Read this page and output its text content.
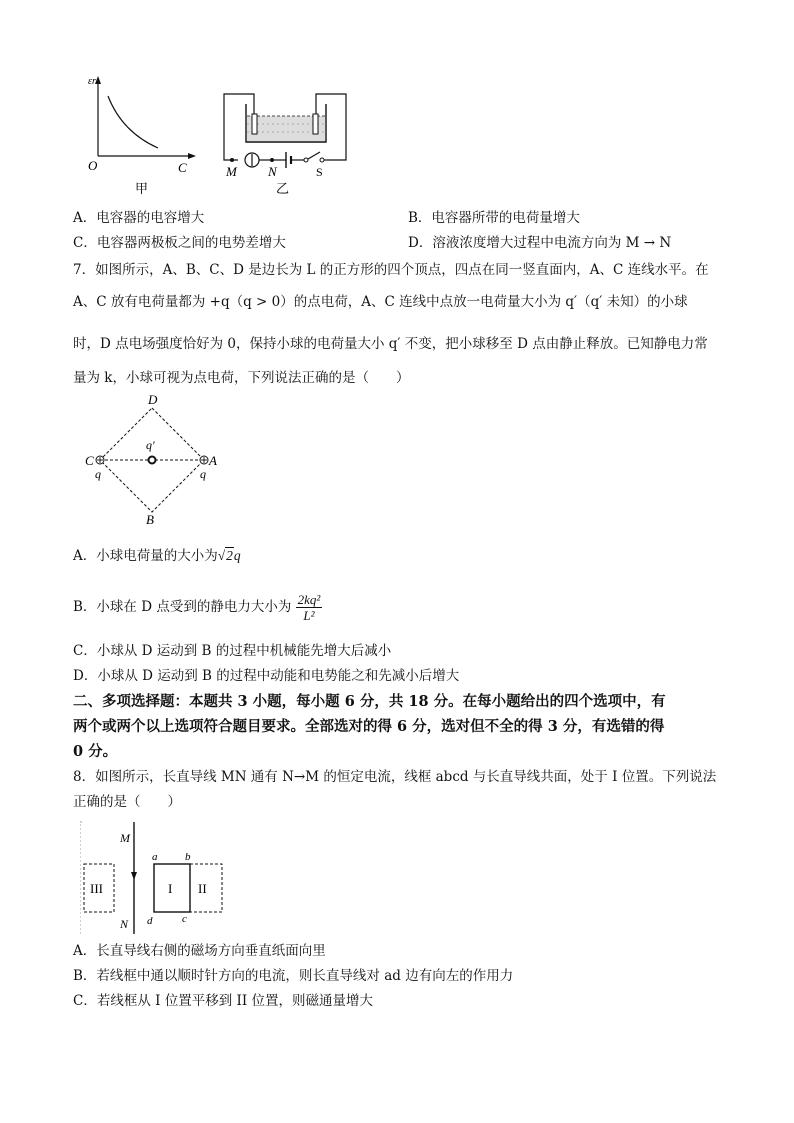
εr
O	C
甲
M N	S
乙
A．电容器的电容增大	B．电容器所带的电荷量增大
C．电容器两极板之间的电势差增大	D．溶液浓度增大过程中电流方向为 M → N
7．如图所示，A、B、C、D 是边长为 L 的正方形的四个顶点，四点在同一竖直面内，A、C 连线水平。在
A、C 放有电荷量都为 +q（q > 0）的点电荷，A、C 连线中点放一电荷量大小为 q′（q′ 未知）的小球
时，D 点电场强度恰好为 0，保持小球的电荷量大小 q′ 不变，把小球移至 D 点由静止释放。已知静电力常
量为 k，小球可视为点电荷，下列说法正确的是（　　）
D
B
C	A
q	q
q′
A．小球电荷量的大小为√2q
B．小球在 D 点受到的静电力大小为 $\frac{\text{2kq²}}{\text{L²}}$
C．小球从 D 运动到 B 的过程中机械能先增大后减小
D．小球从 D 运动到 B 的过程中动能和电势能之和先减小后增大
二、多项选择题：本题共 3 小题，每小题 6 分，共 18 分。在每小题给出的四个选项中，有
两个或两个以上选项符合题目要求。全部选对的得 6 分，选对但不全的得 3 分，有选错的得
0 分。
8．如图所示，长直导线 MN 通有 N→M 的恒定电流，线框 abcd 与长直导线共面，处于 I 位置。下列说法
正确的是（　　）
M
N
a	b
c
d
I II
III
A．长直导线右侧的磁场方向垂直纸面向里
B．若线框中通以顺时针方向的电流，则长直导线对 ad 边有向左的作用力
C．若线框从 I 位置平移到 II 位置，则磁通量增大
